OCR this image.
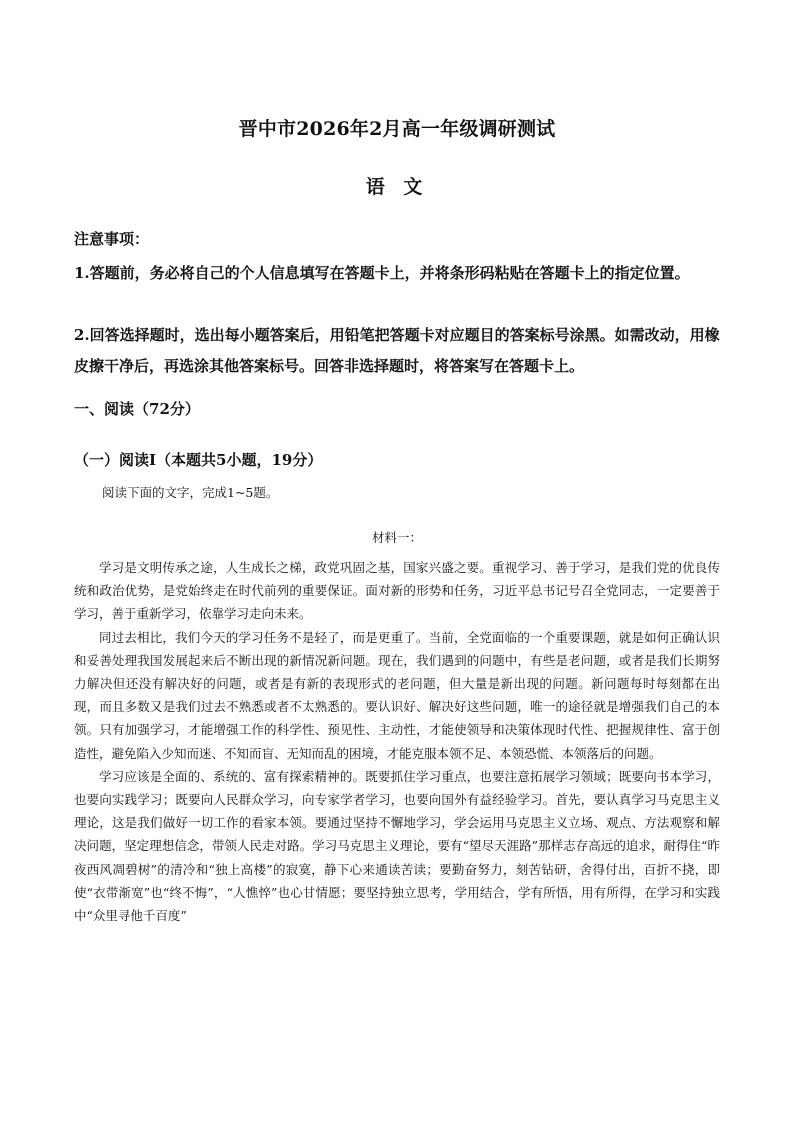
晋中市2026年2月高一年级调研测试
语 文
注意事项：
1.答题前，务必将自己的个人信息填写在答题卡上，并将条形码粘贴在答题卡上的指定位置。
2.回答选择题时，选出每小题答案后，用铅笔把答题卡对应题目的答案标号涂黑。如需改动，用橡皮擦干净后，再选涂其他答案标号。回答非选择题时，将答案写在答题卡上。
一、阅读（72分）
（一）阅读Ⅰ（本题共5小题，19分）
阅读下面的文字，完成1~5题。
材料一：

学习是文明传承之途，人生成长之梯，政党巩固之基，国家兴盛之要。重视学习、善于学习，是我们党的优良传统和政治优势，是党始终走在时代前列的重要保证。面对新的形势和任务，习近平总书记号召全党同志，一定要善于学习，善于重新学习，依靠学习走向未来。

同过去相比，我们今天的学习任务不是轻了，而是更重了。当前，全党面临的一个重要课题，就是如何正确认识和妥善处理我国发展起来后不断出现的新情况新问题。现在，我们遇到的问题中，有些是老问题，或者是我们长期努力解决但还没有解决好的问题，或者是有新的表现形式的老问题，但大量是新出现的问题。新问题每时每刻都在出现，而且多数又是我们过去不熟悉或者不太熟悉的。要认识好、解决好这些问题，唯一的途径就是增强我们自己的本领。只有加强学习，才能增强工作的科学性、预见性、主动性，才能使领导和决策体现时代性、把握规律性、富于创造性，避免陷入少知而迷、不知而盲、无知而乱的困境，才能克服本领不足、本领恐慌、本领落后的问题。

学习应该是全面的、系统的、富有探索精神的。既要抓住学习重点，也要注意拓展学习领域；既要向书本学习，也要向实践学习；既要向人民群众学习，向专家学者学习，也要向国外有益经验学习。首先，要认真学习马克思主义理论，这是我们做好一切工作的看家本领。要通过坚持不懈地学习，学会运用马克思主义立场、观点、方法观察和解决问题，坚定理想信念，带领人民走对路。学习马克思主义理论，要有“望尽天涯路”那样志存高远的追求，耐得住“昨夜西风凋碧树”的清冷和“独上高楼”的寂寞，静下心来通读苦读；要勤奋努力，刻苦钻研，舍得付出，百折不挠，即使“衣带渐宽”也“终不悔”，“人憔悴”也心甘情愿；要坚持独立思考，学用结合，学有所悟，用有所得，在学习和实践中“众里寻他千百度”
